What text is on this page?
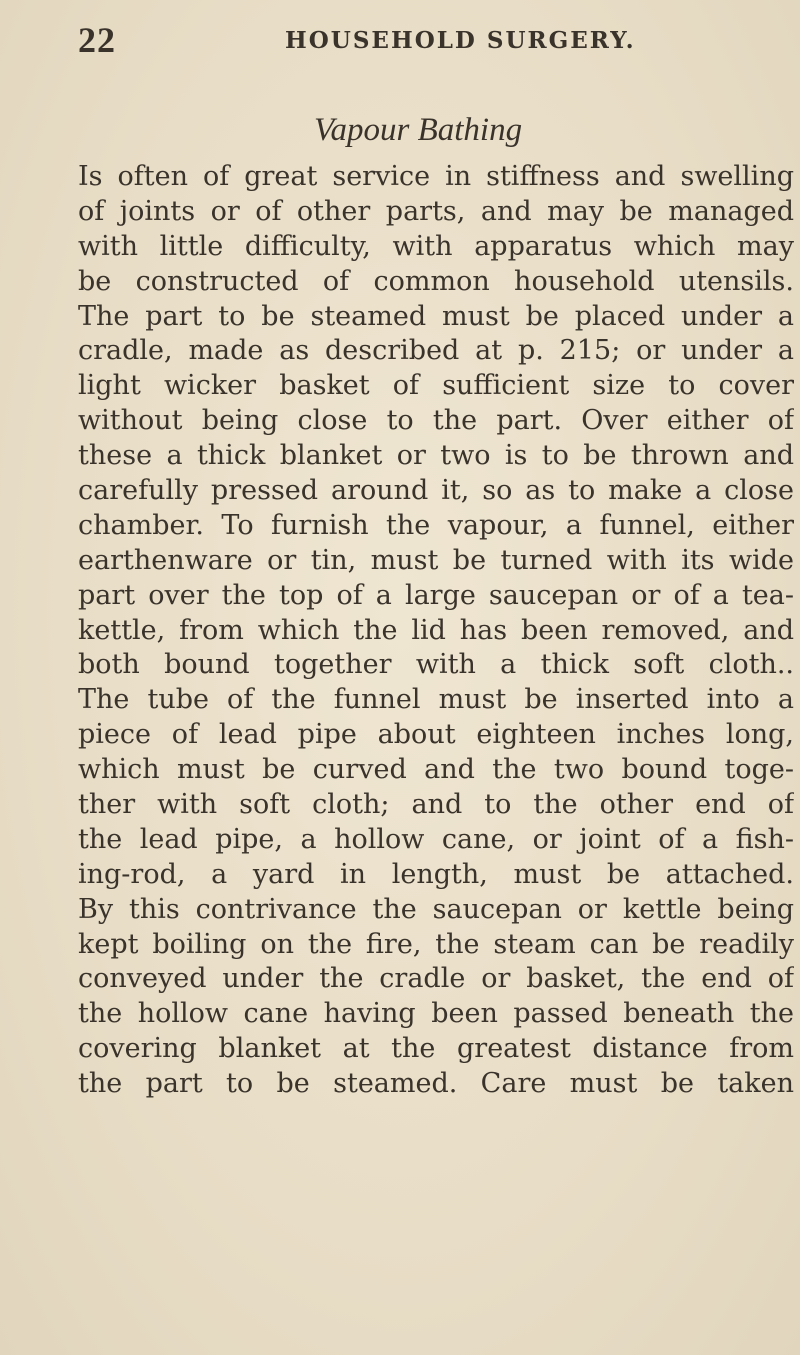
22	HOUSEHOLD SURGERY.
Vapour Bathing
Is often of great service in stiffness and swelling
of joints or of other parts, and may be managed
with little difficulty, with apparatus which may
be constructed of common household utensils.
The part to be steamed must be placed under a
cradle, made as described at p. 215; or under a
light wicker basket of sufficient size to cover
without being close to the part. Over either of
these a thick blanket or two is to be thrown and
carefully pressed around it, so as to make a close
chamber. To furnish the vapour, a funnel, either
earthenware or tin, must be turned with its wide
part over the top of a large saucepan or of a tea-
kettle, from which the lid has been removed, and
both bound together with a thick soft cloth..
The tube of the funnel must be inserted into a
piece of lead pipe about eighteen inches long,
which must be curved and the two bound toge-
ther with soft cloth; and to the other end of
the lead pipe, a hollow cane, or joint of a fish-
ing-rod, a yard in length, must be attached.
By this contrivance the saucepan or kettle being
kept boiling on the fire, the steam can be readily
conveyed under the cradle or basket, the end of
the hollow cane having been passed beneath the
covering blanket at the greatest distance from
the part to be steamed. Care must be taken
